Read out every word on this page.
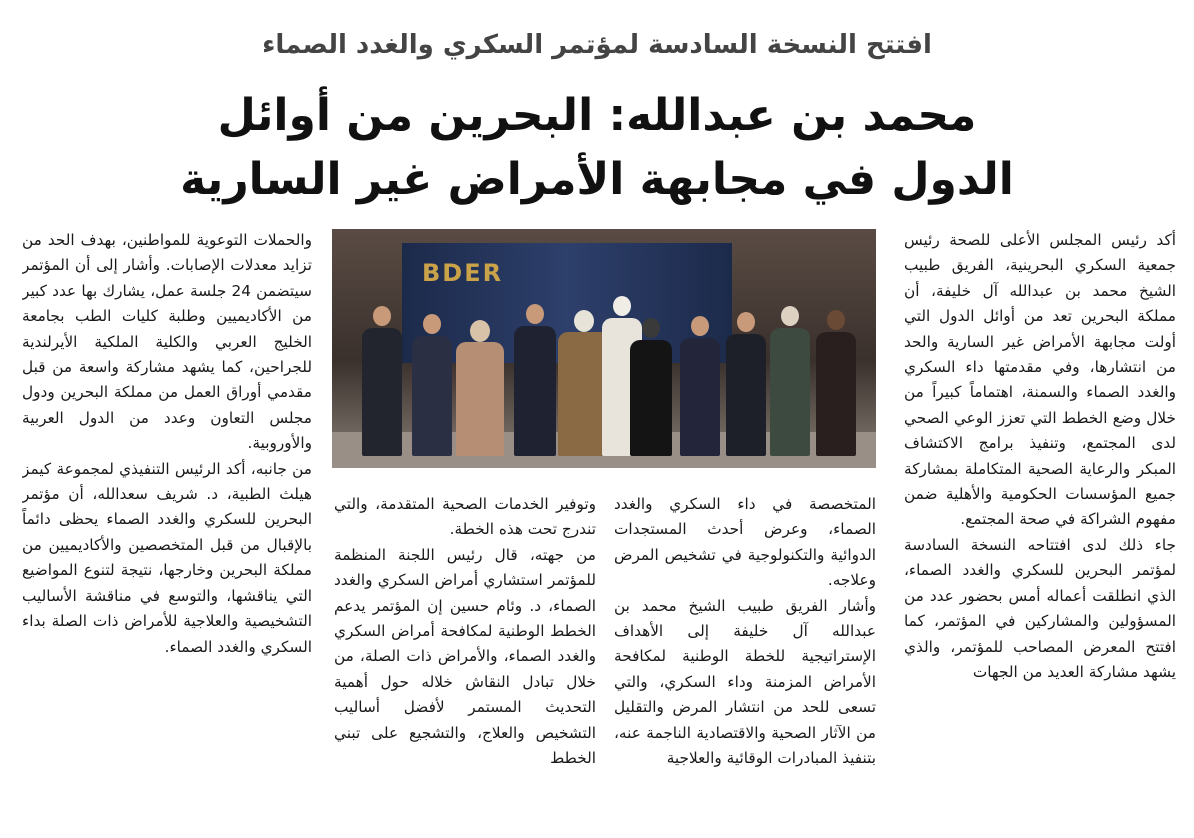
افتتح النسخة السادسة لمؤتمر السكري والغدد الصماء
محمد بن عبدالله: البحرين من أوائل
الدول في مجابهة الأمراض غير السارية

أكد رئيس المجلس الأعلى للصحة رئيس جمعية السكري البحرينية، الفريق طبيب الشيخ محمد بن عبدالله آل خليفة، أن مملكة البحرين تعد من أوائل الدول التي أولت مجابهة الأمراض غير السارية والحد من انتشارها، وفي مقدمتها داء السكري والغدد الصماء والسمنة، اهتماماً كبيراً من خلال وضع الخطط التي تعزز الوعي الصحي لدى المجتمع، وتنفيذ برامج الاكتشاف المبكر والرعاية الصحية المتكاملة بمشاركة جميع المؤسسات الحكومية والأهلية ضمن مفهوم الشراكة في صحة المجتمع.

جاء ذلك لدى افتتاحه النسخة السادسة لمؤتمر البحرين للسكري والغدد الصماء، الذي انطلقت أعماله أمس بحضور عدد من المسؤولين والمشاركين في المؤتمر، كما افتتح المعرض المصاحب للمؤتمر، والذي يشهد مشاركة العديد من الجهات

BDER

المتخصصة في داء السكري والغدد الصماء، وعرض أحدث المستجدات الدوائية والتكنولوجية في تشخيص المرض وعلاجه.

وأشار الفريق طبيب الشيخ محمد بن عبدالله آل خليفة إلى الأهداف الإستراتيجية للخطة الوطنية لمكافحة الأمراض المزمنة وداء السكري، والتي تسعى للحد من انتشار المرض والتقليل من الآثار الصحية والاقتصادية الناجمة عنه، بتنفيذ المبادرات الوقائية والعلاجية

وتوفير الخدمات الصحية المتقدمة، والتي تندرج تحت هذه الخطة.

من جهته، قال رئيس اللجنة المنظمة للمؤتمر استشاري أمراض السكري والغدد الصماء، د. وئام حسين إن المؤتمر يدعم الخطط الوطنية لمكافحة أمراض السكري والغدد الصماء، والأمراض ذات الصلة، من خلال تبادل النقاش خلاله حول أهمية التحديث المستمر لأفضل أساليب التشخيص والعلاج، والتشجيع على تبني الخطط

والحملات التوعوية للمواطنين، بهدف الحد من تزايد معدلات الإصابات. وأشار إلى أن المؤتمر سيتضمن 24 جلسة عمل، يشارك بها عدد كبير من الأكاديميين وطلبة كليات الطب بجامعة الخليج العربي والكلية الملكية الأيرلندية للجراحين، كما يشهد مشاركة واسعة من قبل مقدمي أوراق العمل من مملكة البحرين ودول مجلس التعاون وعدد من الدول العربية والأوروبية.

من جانبه، أكد الرئيس التنفيذي لمجموعة كيمز هيلث الطبية، د. شريف سعدالله، أن مؤتمر البحرين للسكري والغدد الصماء يحظى دائماً بالإقبال من قبل المتخصصين والأكاديميين من مملكة البحرين وخارجها، نتيجة لتنوع المواضيع التي يناقشها، والتوسع في مناقشة الأساليب التشخيصية والعلاجية للأمراض ذات الصلة بداء السكري والغدد الصماء.
